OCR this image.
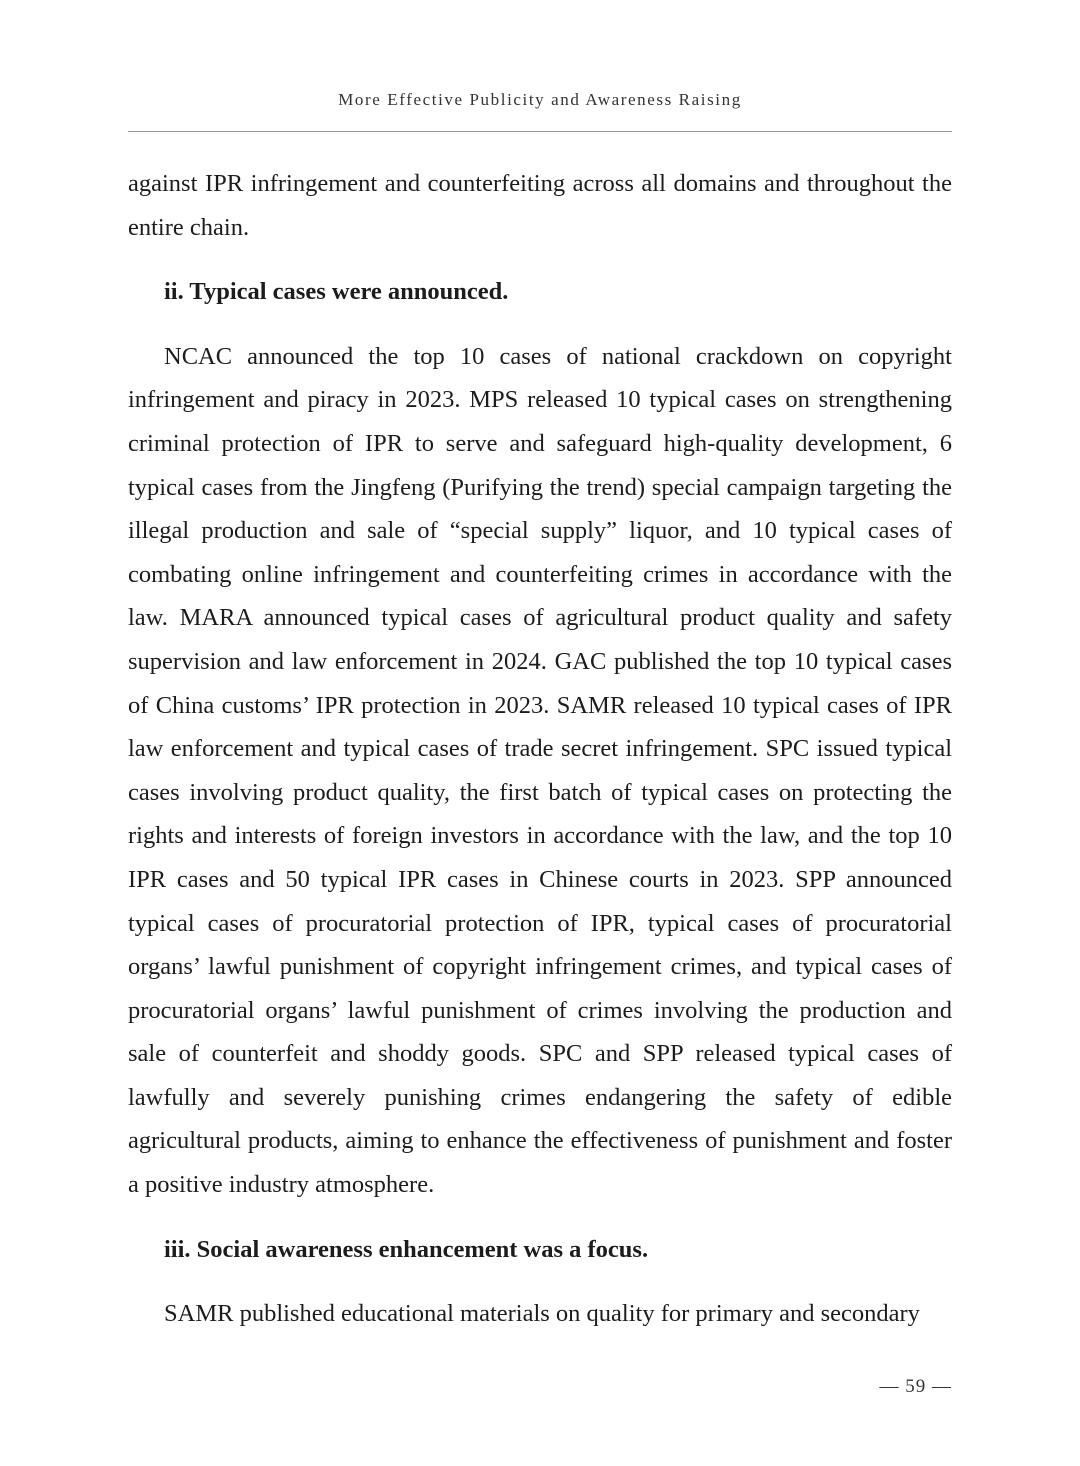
More Effective Publicity and Awareness Raising

against IPR infringement and counterfeiting across all domains and throughout the entire chain.

ii. Typical cases were announced.

NCAC announced the top 10 cases of national crackdown on copyright infringement and piracy in 2023. MPS released 10 typical cases on strengthening criminal protection of IPR to serve and safeguard high-quality development, 6 typical cases from the Jingfeng (Purifying the trend) special campaign targeting the illegal production and sale of “special supply” liquor, and 10 typical cases of combating online infringement and counterfeiting crimes in accordance with the law. MARA announced typical cases of agricultural product quality and safety supervision and law enforcement in 2024. GAC published the top 10 typical cases of China customs’ IPR protection in 2023. SAMR released 10 typical cases of IPR law enforcement and typical cases of trade secret infringement. SPC issued typical cases involving product quality, the first batch of typical cases on protecting the rights and interests of foreign investors in accordance with the law, and the top 10 IPR cases and 50 typical IPR cases in Chinese courts in 2023. SPP announced typical cases of procuratorial protection of IPR, typical cases of procuratorial organs’ lawful punishment of copyright infringement crimes, and typical cases of procuratorial organs’ lawful punishment of crimes involving the production and sale of counterfeit and shoddy goods. SPC and SPP released typical cases of lawfully and severely punishing crimes endangering the safety of edible agricultural products, aiming to enhance the effectiveness of punishment and foster a positive industry atmosphere.

iii. Social awareness enhancement was a focus.

SAMR published educational materials on quality for primary and secondary

— 59 —
